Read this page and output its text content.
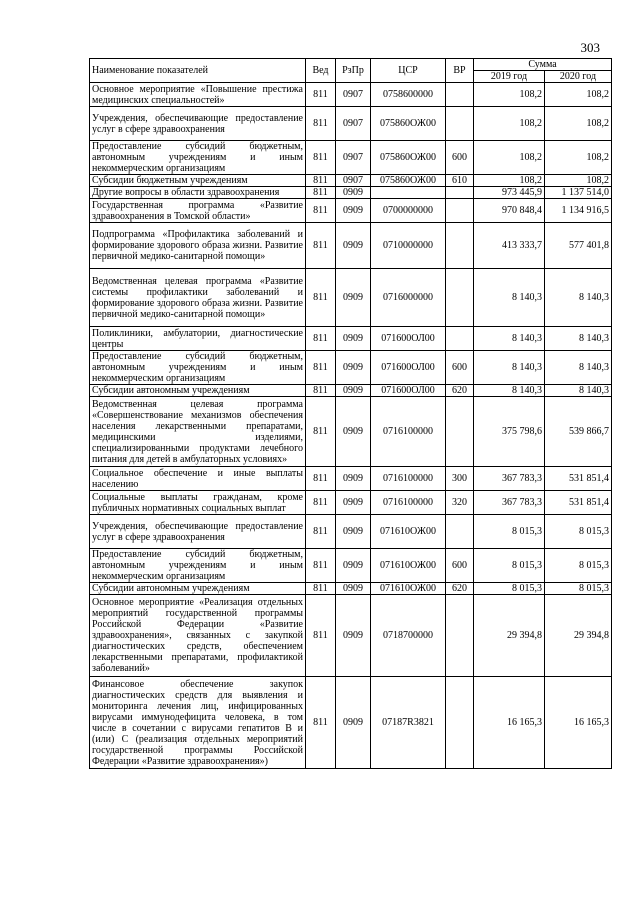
303
Наименование показателей	Вед	РзПр	ЦСР	ВР	Сумма	
					2019 год	2020 год
Основное мероприятие «Повышение престижа медицинских специальностей»	811	0907	0758600000		108,2	108,2
Учреждения, обеспечивающие предоставление услуг в сфере здравоохранения	811	0907	075860ОЖ00		108,2	108,2
Предоставление субсидий бюджетным, автономным учреждениям и иным некоммерческим организациям	811	0907	075860ОЖ00	600	108,2	108,2
Субсидии бюджетным учреждениям	811	0907	075860ОЖ00	610	108,2	108,2
Другие вопросы в области здравоохранения	811	0909			973 445,9	1 137 514,0
Государственная программа «Развитие здравоохранения в Томской области»	811	0909	0700000000		970 848,4	1 134 916,5
Подпрограмма «Профилактика заболеваний и формирование здорового образа жизни. Развитие первичной медико-санитарной помощи»	811	0909	0710000000		413 333,7	577 401,8
Ведомственная целевая программа «Развитие системы профилактики заболеваний и формирование здорового образа жизни. Развитие первичной медико-санитарной помощи»	811	0909	0716000000		8 140,3	8 140,3
Поликлиники, амбулатории, диагностические центры	811	0909	071600ОЛ00		8 140,3	8 140,3
Предоставление субсидий бюджетным, автономным учреждениям и иным некоммерческим организациям	811	0909	071600ОЛ00	600	8 140,3	8 140,3
Субсидии автономным учреждениям	811	0909	071600ОЛ00	620	8 140,3	8 140,3
Ведомственная целевая программа «Совершенствование механизмов обеспечения населения лекарственными препаратами, медицинскими изделиями, специализированными продуктами лечебного питания для детей в амбулаторных условиях»	811	0909	0716100000		375 798,6	539 866,7
Социальное обеспечение и иные выплаты населению	811	0909	0716100000	300	367 783,3	531 851,4
Социальные выплаты гражданам, кроме публичных нормативных социальных выплат	811	0909	0716100000	320	367 783,3	531 851,4
Учреждения, обеспечивающие предоставление услуг в сфере здравоохранения	811	0909	071610ОЖ00		8 015,3	8 015,3
Предоставление субсидий бюджетным, автономным учреждениям и иным некоммерческим организациям	811	0909	071610ОЖ00	600	8 015,3	8 015,3
Субсидии автономным учреждениям	811	0909	071610ОЖ00	620	8 015,3	8 015,3
Основное мероприятие «Реализация отдельных мероприятий государственной программы Российской Федерации «Развитие здравоохранения», связанных с закупкой диагностических средств, обеспечением лекарственными препаратами, профилактикой заболеваний»	811	0909	0718700000		29 394,8	29 394,8
Финансовое обеспечение закупок диагностических средств для выявления и мониторинга лечения лиц, инфицированных вирусами иммунодефицита человека, в том числе в сочетании с вирусами гепатитов B и (или) C (реализация отдельных мероприятий государственной программы Российской Федерации «Развитие здравоохранения»)	811	0909	07187R3821		16 165,3	16 165,3
